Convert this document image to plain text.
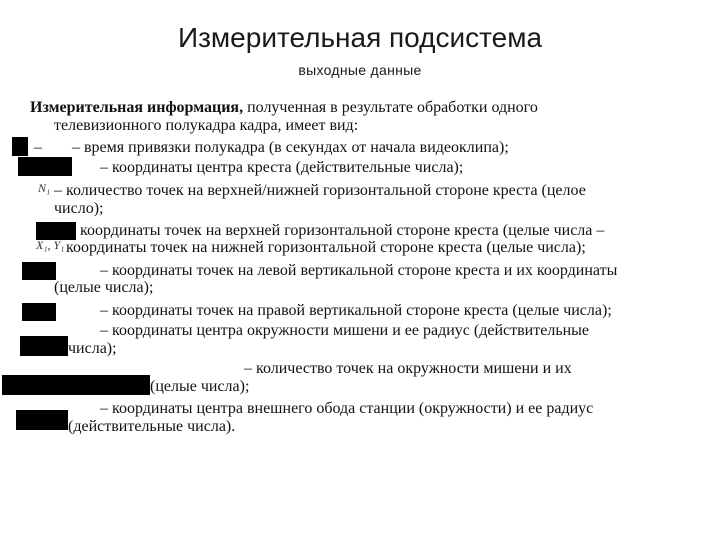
Измерительная подсистема
выходные данные
Измерительная информация, полученная в результате обработки одного
телевизионного полукадра кадра, имеет вид:
N₁
X₁, Y₁
– – время привязки полукадра (в секундах от начала видеоклипа);
– координаты центра креста (действительные числа);
– количество точек на верхней/нижней горизонтальной стороне креста (целое
число);
координаты точек на верхней горизонтальной стороне креста (целые числа –
координаты точек на нижней горизонтальной стороне креста (целые числа);
– координаты точек на левой вертикальной стороне креста и их координаты
(целые числа);
– координаты точек на правой вертикальной стороне креста (целые числа);
– координаты центра окружности мишени и ее радиус (действительные
числа);
– количество точек на окружности мишени и их
(целые числа);
– координаты центра внешнего обода станции (окружности) и ее радиус
(действительные числа).
